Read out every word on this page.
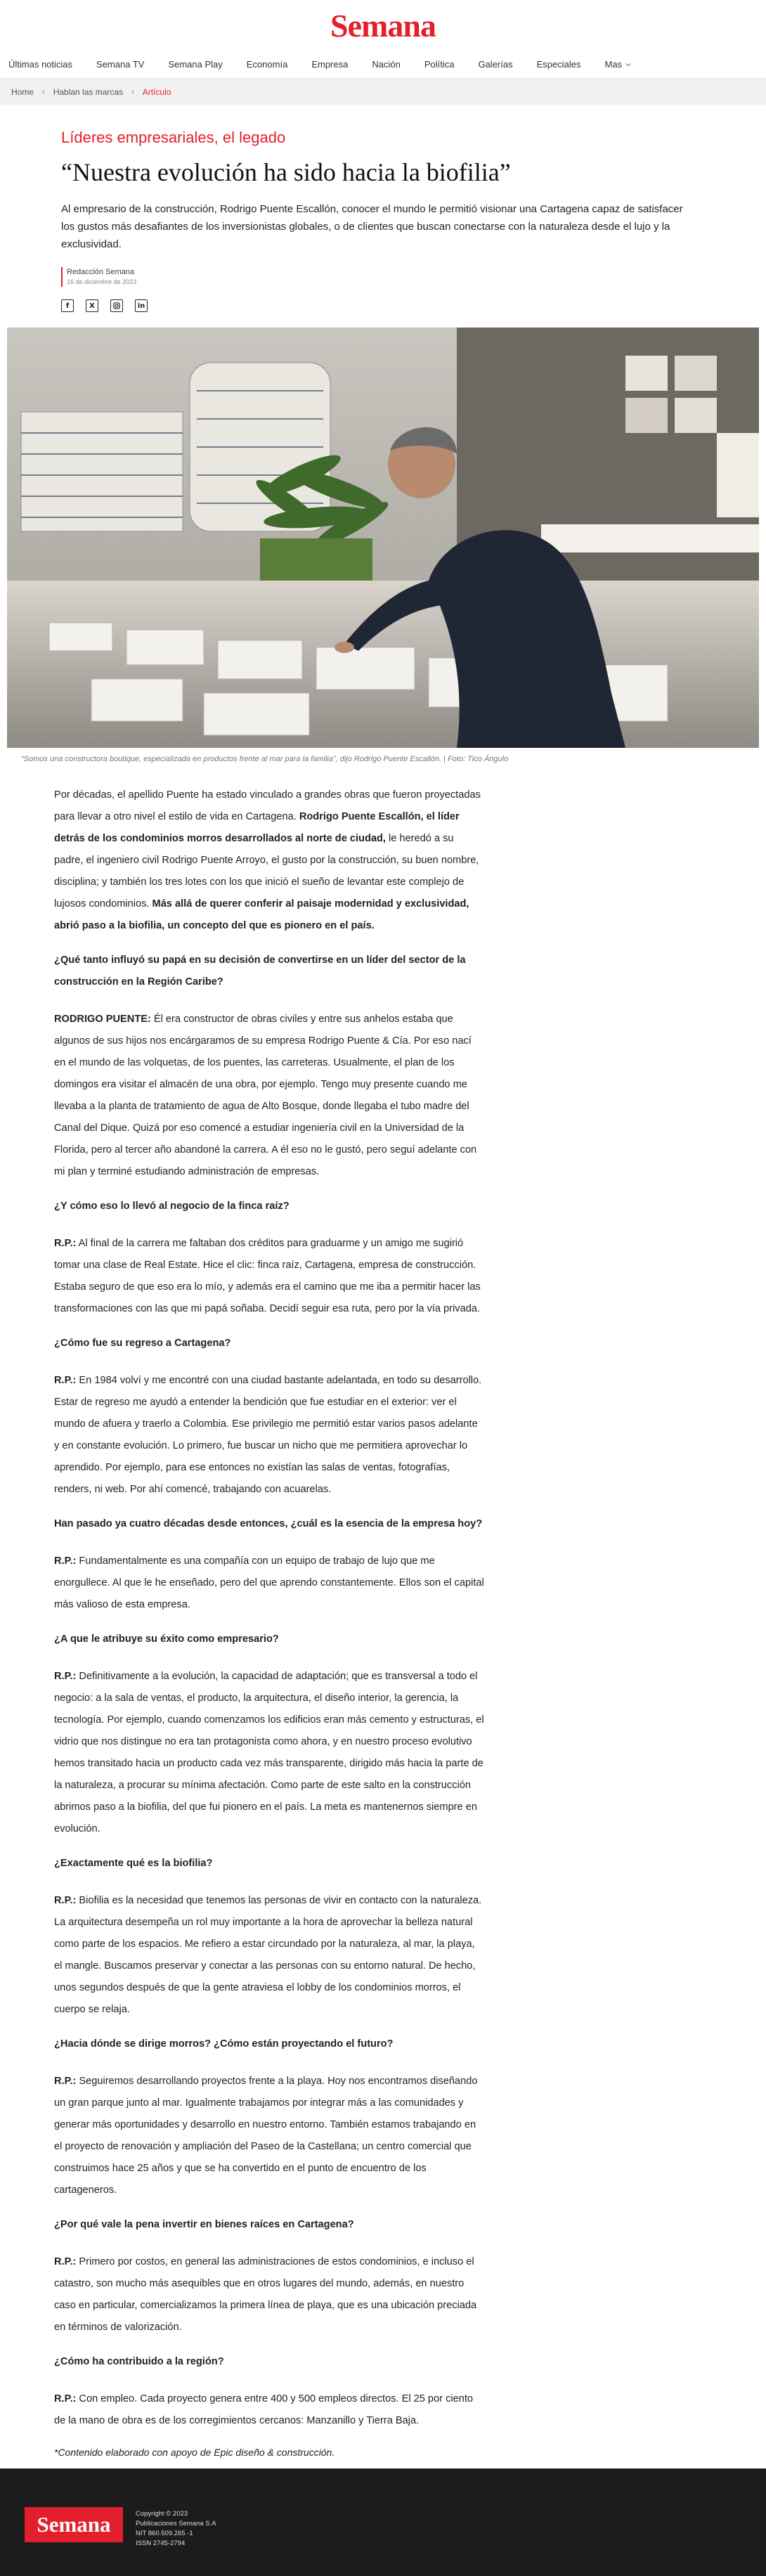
Semana
Últimas noticias	Semana TV	Semana Play	Economía	Empresa	Nación	Política	Galerías	Especiales	Mas
Home › Hablan las marcas › Artículo
Líderes empresariales, el legado
“Nuestra evolución ha sido hacia la biofilia”

Al empresario de la construcción, Rodrigo Puente Escallón, conocer el mundo le permitió visionar una Cartagena capaz de satisfacer los gustos más desafiantes de los inversionistas globales, o de clientes que buscan conectarse con la naturaleza desde el lujo y la exclusividad.

Redacción Semana
16 de diciembre de 2023
f	X	in
“Somos una constructora boutique, especializada en productos frente al mar para la familia”, dijo Rodrigo Puente Escallón. | Foto: Tico Ángulo

Por décadas, el apellido Puente ha estado vinculado a grandes obras que fueron proyectadas para llevar a otro nivel el estilo de vida en Cartagena. Rodrigo Puente Escallón, el líder detrás de los condominios morros desarrollados al norte de ciudad, le heredó a su padre, el ingeniero civil Rodrigo Puente Arroyo, el gusto por la construcción, su buen nombre, disciplina; y también los tres lotes con los que inició el sueño de levantar este complejo de lujosos condominios. Más allá de querer conferir al paisaje modernidad y exclusividad, abrió paso a la biofilia, un concepto del que es pionero en el país.

¿Qué tanto influyó su papá en su decisión de convertirse en un líder del sector de la construcción en la Región Caribe?

RODRIGO PUENTE: Él era constructor de obras civiles y entre sus anhelos estaba que algunos de sus hijos nos encárgaramos de su empresa Rodrigo Puente & Cía. Por eso nací en el mundo de las volquetas, de los puentes, las carreteras. Usualmente, el plan de los domingos era visitar el almacén de una obra, por ejemplo. Tengo muy presente cuando me llevaba a la planta de tratamiento de agua de Alto Bosque, donde llegaba el tubo madre del Canal del Dique. Quizá por eso comencé a estudiar ingeniería civil en la Universidad de la Florida, pero al tercer año abandoné la carrera. A él eso no le gustó, pero seguí adelante con mi plan y terminé estudiando administración de empresas.

¿Y cómo eso lo llevó al negocio de la finca raíz?

R.P.: Al final de la carrera me faltaban dos créditos para graduarme y un amigo me sugirió tomar una clase de Real Estate. Hice el clic: finca raíz, Cartagena, empresa de construcción. Estaba seguro de que eso era lo mío, y además era el camino que me iba a permitir hacer las transformaciones con las que mi papá soñaba. Decidí seguir esa ruta, pero por la vía privada.

¿Cómo fue su regreso a Cartagena?

R.P.: En 1984 volví y me encontré con una ciudad bastante adelantada, en todo su desarrollo. Estar de regreso me ayudó a entender la bendición que fue estudiar en el exterior: ver el mundo de afuera y traerlo a Colombia. Ese privilegio me permitió estar varios pasos adelante y en constante evolución. Lo primero, fue buscar un nicho que me permitiera aprovechar lo aprendido. Por ejemplo, para ese entonces no existían las salas de ventas, fotografías, renders, ni web. Por ahí comencé, trabajando con acuarelas.

Han pasado ya cuatro décadas desde entonces, ¿cuál es la esencia de la empresa hoy?

R.P.: Fundamentalmente es una compañía con un equipo de trabajo de lujo que me enorgullece. Al que le he enseñado, pero del que aprendo constantemente. Ellos son el capital más valioso de esta empresa.

¿A que le atribuye su éxito como empresario?

R.P.: Definitivamente a la evolución, la capacidad de adaptación; que es transversal a todo el negocio: a la sala de ventas, el producto, la arquitectura, el diseño interior, la gerencia, la tecnología. Por ejemplo, cuando comenzamos los edificios eran más cemento y estructuras, el vidrio que nos distingue no era tan protagonista como ahora, y en nuestro proceso evolutivo hemos transitado hacia un producto cada vez más transparente, dirigido más hacia la parte de la naturaleza, a procurar su mínima afectación. Como parte de este salto en la construcción abrimos paso a la biofilia, del que fui pionero en el país. La meta es mantenernos siempre en evolución.

¿Exactamente qué es la biofilia?

R.P.: Biofilia es la necesidad que tenemos las personas de vivir en contacto con la naturaleza. La arquitectura desempeña un rol muy importante a la hora de aprovechar la belleza natural como parte de los espacios. Me refiero a estar circundado por la naturaleza, al mar, la playa, el mangle. Buscamos preservar y conectar a las personas con su entorno natural. De hecho, unos segundos después de que la gente atraviesa el lobby de los condominios morros, el cuerpo se relaja.

¿Hacia dónde se dirige morros? ¿Cómo están proyectando el futuro?

R.P.: Seguiremos desarrollando proyectos frente a la playa. Hoy nos encontramos diseñando un gran parque junto al mar. Igualmente trabajamos por integrar más a las comunidades y generar más oportunidades y desarrollo en nuestro entorno. También estamos trabajando en el proyecto de renovación y ampliación del Paseo de la Castellana; un centro comercial que construimos hace 25 años y que se ha convertido en el punto de encuentro de los cartageneros.

¿Por qué vale la pena invertir en bienes raíces en Cartagena?

R.P.: Primero por costos, en general las administraciones de estos condominios, e incluso el catastro, son mucho más asequibles que en otros lugares del mundo, además, en nuestro caso en particular, comercializamos la primera línea de playa, que es una ubicación preciada en términos de valorización.

¿Cómo ha contribuido a la región?

R.P.: Con empleo. Cada proyecto genera entre 400 y 500 empleos directos. El 25 por ciento de la mano de obra es de los corregimientos cercanos: Manzanillo y Tierra Baja.

*Contenido elaborado con apoyo de Epic diseño & construcción.

Semana	Copyright © 2023
Publicaciones Semana S.A
NIT 860.509.265 -1
ISSN 2745-2794
